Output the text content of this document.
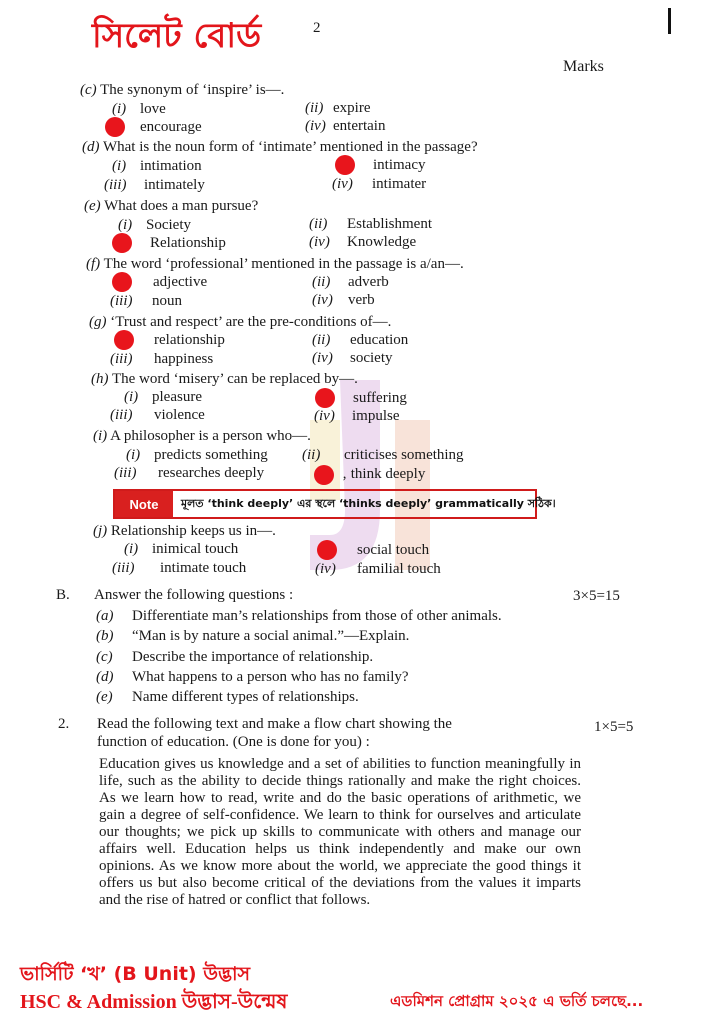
সিলেট বোর্ড	2
Marks
(c) The synonym of ‘inspire’ is—.
(i) love	(ii) expire
encourage	(iv) entertain
(d) What is the noun form of ‘intimate’ mentioned in the passage?
(i) intimation	intimacy
(iii) intimately	(iv) intimater
(e) What does a man pursue?
(i) Society	(ii) Establishment
Relationship	(iv) Knowledge
(f) The word ‘professional’ mentioned in the passage is a/an—.
adjective	(ii) adverb
(iii) noun	(iv) verb
(g) ‘Trust and respect’ are the pre-conditions of—.
relationship	(ii) education
(iii) happiness	(iv) society
(h) The word ‘misery’ can be replaced by—.
(i) pleasure	suffering
(iii) violence	(iv) impulse
(i) A philosopher is a person who—.
(i) predicts something (ii) criticises something
(iii) researches deeply	‚ think deeply
Note	মূলত ‘think deeply’ এর স্থলে ‘thinks deeply’ grammatically সঠিক।
(j) Relationship keeps us in—.
(i) inimical touch	social touch
(iii) intimate touch	(iv) familial touch
B. Answer the following questions :	3×5=15
(a) Differentiate man’s relationships from those of other animals.
(b) “Man is by nature a social animal.”—Explain.
(c) Describe the importance of relationship.
(d) What happens to a person who has no family?
(e) Name different types of relationships.
2. Read the following text and make a flow chart showing the
function of education. (One is done for you) :
1×5=5

Education gives us knowledge and a set of abilities to function meaningfully in life, such as the ability to decide things rationally and make the right choices. As we learn how to read, write and do the basic operations of arithmetic, we gain a degree of self-confidence. We learn to think for ourselves and articulate our thoughts; we pick up skills to communicate with others and manage our affairs well. Education helps us think independently and make our own opinions. As we know more about the world, we appreciate the good things it offers us but also become critical of the deviations from the values it imparts and the rise of hatred or conflict that follows.

ভার্সিটি ‘খ’ (B Unit) উদ্ভাস
HSC & Admission উদ্ভাস-উন্মেষ	এডমিশন প্রোগ্রাম ২০২৫ এ ভর্তি চলছে...
